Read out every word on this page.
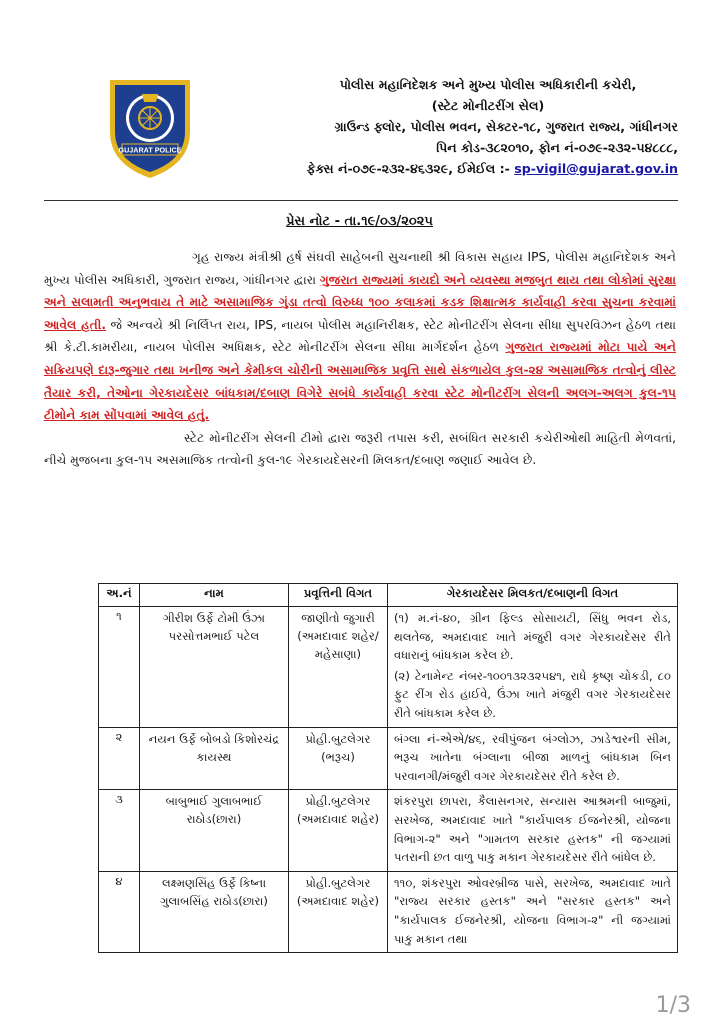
GUJARAT POLICE
પોલીસ મહાનિદેશક અને મુખ્ય પોલીસ અધિકારીની કચેરી,
(સ્ટેટ મોનીટરીંગ સેલ)
ગ્રાઉન્ડ ફ્લોર, પોલીસ ભવન, સેક્ટર-૧૮, ગુજરાત રાજ્ય, ગાંધીનગર
પિન કોડ-૩૮૨૦૧૦, ફોન નં-૦૭૯-૨૩૨-૫૪૮૮૮,
ફેક્સ નં-૦૭૯-૨૩૨-૪૬૩૨૯, ઈમેઈલ :- sp-vigil@gujarat.gov.in
પ્રેસ નોટ - તા.૧૯/૦૩/૨૦૨૫

ગૃહ રાજ્ય મંત્રીશ્રી હર્ષ સંઘવી સાહેબની સુચનાથી શ્રી વિકાસ સહાય IPS, પોલીસ મહાનિદેશક અને મુખ્ય પોલીસ અધિકારી, ગુજરાત રાજ્ય, ગાંધીનગર દ્વારા ગુજરાત રાજ્યમાં કાયદો અને વ્યવસ્થા મજબુત થાય તથા લોકોમાં સુરક્ષા અને સલામતી અનુભવાય તે માટે અસામાજિક ગુંડા તત્વો વિરુધ્ધ ૧૦૦ કલાકમાં કડક શિક્ષાત્મક કાર્યવાહી કરવા સુચના કરવામાં આવેલ હતી. જે અન્વયે શ્રી નિર્લિપ્ત રાય, IPS, નાયબ પોલીસ મહાનિરીક્ષક, સ્ટેટ મોનીટરીંગ સેલના સીધા સુપરવિઝન હેઠળ તથા શ્રી કે.ટી.કામરીયા, નાયબ પોલીસ અધિક્ષક, સ્ટેટ મોનીટરીંગ સેલના સીધા માર્ગદર્શન હેઠળ ગુજરાત રાજ્યમાં મોટા પાયે અને સક્રિયપણે દારૂ-જુગાર તથા ખનીજ અને કેમીકલ ચોરીની અસામાજિક પ્રવૃત્તિ સાથે સંકળાયેલ કુલ-૨૪ અસામાજિક તત્વોનું લીસ્ટ તૈયાર કરી, તેઓના ગેરકાયદેસર બાંધકામ/દબાણ વિગેરે સબંધે કાર્યવાહી કરવા સ્ટેટ મોનીટરીંગ સેલની અલગ-અલગ કુલ-૧૫ ટીમોને કામ સોંપવામાં આવેલ હતું.

સ્ટેટ મોનીટરીંગ સેલની ટીમો દ્વારા જરૂરી તપાસ કરી, સબંધિત સરકારી કચેરીઓથી માહિતી મેળવતાં, નીચે મુજબના કુલ-૧૫ અસમાજિક તત્વોની કુલ-૧૯ ગેરકાયદેસરની મિલકત/દબાણ જણાઈ આવેલ છે.

અ.નં	નામ	પ્રવૃત્તિની વિગત	ગેરકાયદેસર મિલકત/દબાણની વિગત
૧	ગીરીશ ઉર્ફે ટોમી ઉંઝા પરસોત્તમભાઈ પટેલ	જાણીતો જુગારી (અમદાવાદ શહેર/મહેસાણા)	(૧) મ.નં-૪૦, ગ્રીન ફિલ્ડ સોસાયટી, સિંધુ ભવન રોડ, થલતેજ, અમદાવાદ ખાતે મંજુરી વગર ગેરકાયદેસર રીતે વધારાનું બાંધકામ કરેલ છે.
(૨) ટેનામેન્ટ નંબર-૧૦૦૧૩૨૩૨૫૪૧, રાધે કૃષ્ણ ચોકડી, ૮૦ ફુટ રીંગ રોડ હાઈવે, ઉંઝા ખાતે મંજુરી વગર ગેરકાયદેસર રીતે બાંધકામ કરેલ છે.

૨	નયન ઉર્ફે બોબડો કિશોરચંદ્ર કાયસ્થ	પ્રોહી.બુટલેગર (ભરૂચ)	બંગ્લા નં-એએ/૪૬, રવીપુંજન બંગ્લોઝ, ઝાડેશ્વરની સીમ, ભરૂચ ખાતેના બંગ્લાના બીજા માળનું બાંધકામ બિન પરવાનગી/મંજુરી વગર ગેરકાયદેસર રીતે કરેલ છે.

૩	બાબુભાઈ ગુલાબભાઈ રાઠોડ(છારા)	પ્રોહી.બુટલેગર (અમદાવાદ શહેર)	શંકરપુરા છાપરા, કૈલાસનગર, સન્યાસ આશ્રમની બાજુમાં, સરખેજ, અમદાવાદ ખાતે "કાર્યપાલક ઈજનેરશ્રી, યોજના વિભાગ-૨" અને "ગામતળ સરકાર હસ્તક" ની જગ્યામાં પતરાની છત વાળુ પાકુ મકાન ગેરકાયદેસર રીતે બાંધેલ છે.

૪	લક્ષ્મણસિંહ ઉર્ફે કિષ્ના ગુલાબસિંહ રાઠોડ(છારા)	પ્રોહી.બુટલેગર (અમદાવાદ શહેર)	૧૧૦, શંકરપુરા ઓવરબ્રીજ પાસે, સરખેજ, અમદાવાદ ખાતે "રાજ્ય સરકાર હસ્તક" અને "સરકાર હસ્તક" અને "કાર્યપાલક ઈજનેરશ્રી, યોજના વિભાગ-૨" ની જગ્યામાં પાકુ મકાન તથા
1/3
